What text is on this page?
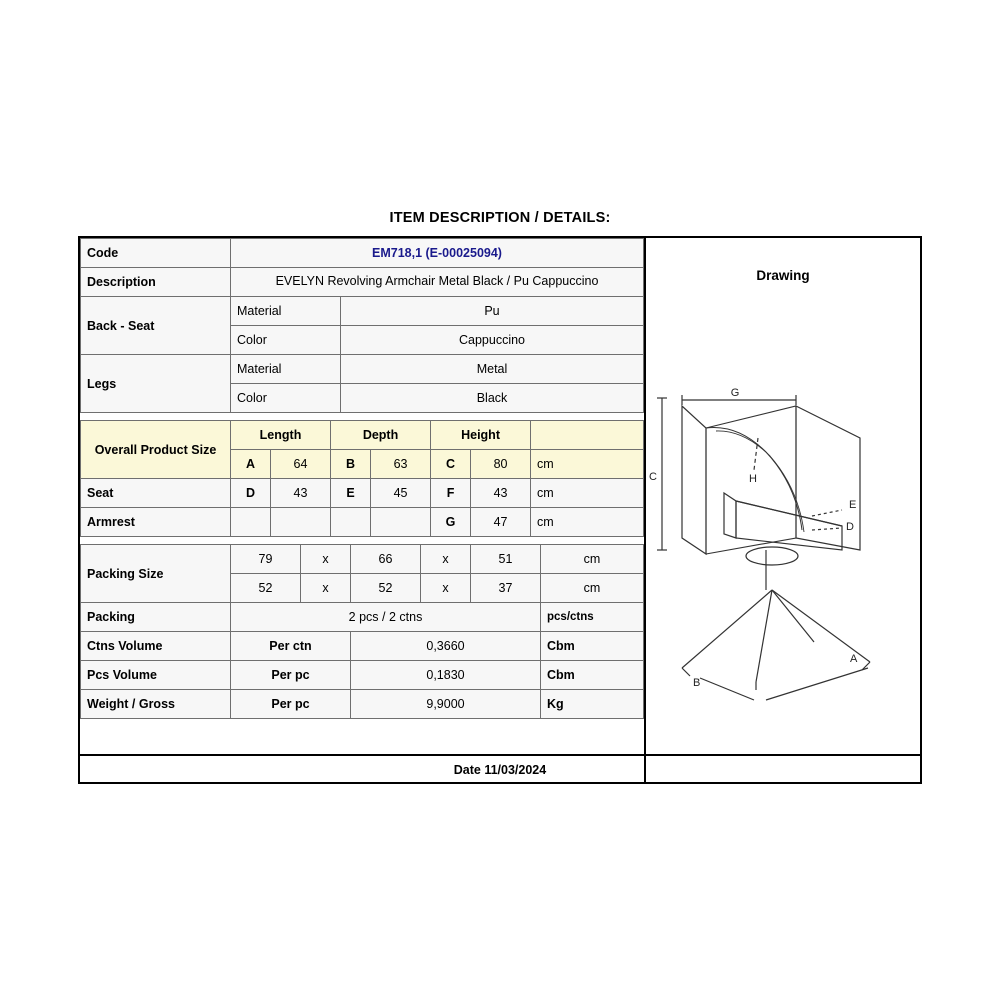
ITEM DESCRIPTION / DETAILS:
Code	EM718,1 (E-00025094)	
Description	EVELYN Revolving Armchair Metal Black / Pu Cappuccino	
Back - Seat	Material	Pu
	Color	Cappuccino
Legs	Material	Metal
	Color	Black
Overall Product Size	Length		Depth		Height		
	A	64	B	63	C	80	cm
Seat	D	43	E	45	F	43	cm
Armrest					G	47	cm
Packing Size	79	x	66	x	51	cm
	52	x	52	x	37	cm
Packing	2 pcs / 2 ctns					pcs/ctns
Ctns Volume	Per ctn		0,3660			Cbm
Pcs Volume	Per pc		0,1830			Cbm
Weight / Gross	Per pc		9,9000			Kg
Drawing
G
H
C
E
D
A
B
Date 11/03/2024
